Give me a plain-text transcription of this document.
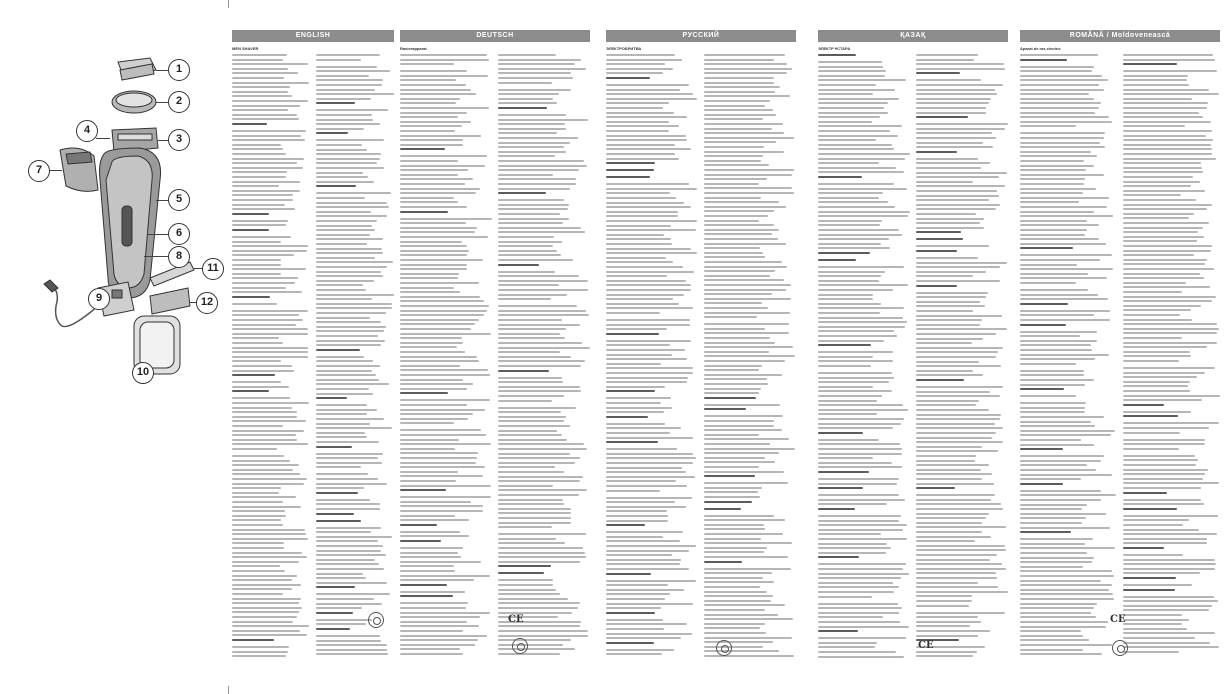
1
2
3
4
5
6
7
8
9
10
11
12
ENGLISH
MEN SHAVER
DEUTSCH
Rasierapparat
РУССКИЙ
ЭЛЕКТРОБРИТВА
ҚАЗАҚ
ЭЛЕКТР ҰСТАРА
ROMÂNĂ / Moldovenească
Aparat de ras electric
CE
CE
CE
